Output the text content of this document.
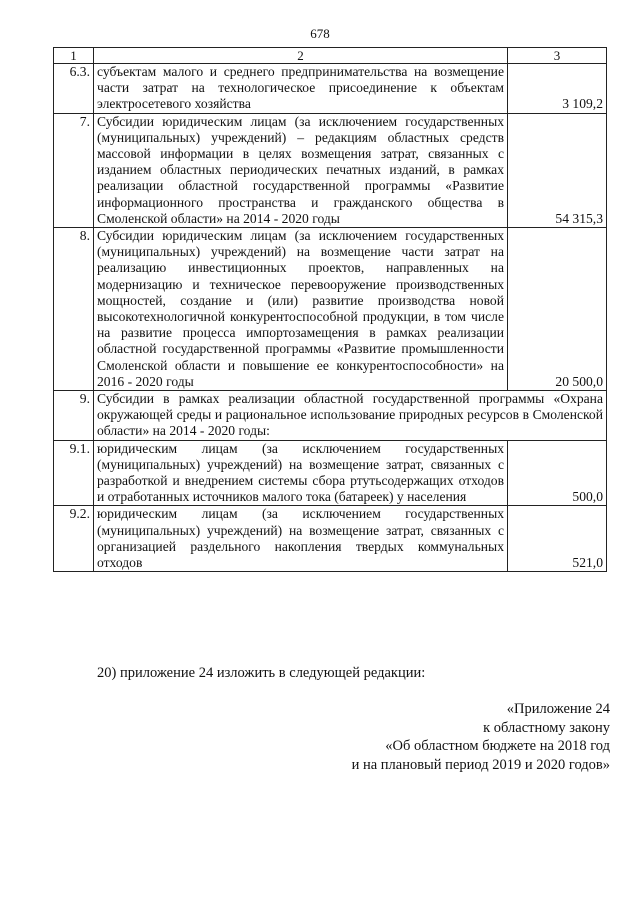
678
1	2	3
6.3.	субъектам малого и среднего предпринимательства на возмещение части затрат на технологическое присоединение к объектам электросетевого хозяйства	3 109,2
7.	Субсидии юридическим лицам (за исключением государственных (муниципальных) учреждений) – редакциям областных средств массовой информации в целях возмещения затрат, связанных с изданием областных периодических печатных изданий, в рамках реализации областной государственной программы «Развитие информационного пространства и гражданского общества в Смоленской области» на 2014 - 2020 годы	54 315,3
8.	Субсидии юридическим лицам (за исключением государственных (муниципальных) учреждений) на возмещение части затрат на реализацию инвестиционных проектов, направленных на модернизацию и техническое перевооружение производственных мощностей, создание и (или) развитие производства новой высокотехнологичной конкурентоспособной продукции, в том числе на развитие процесса импортозамещения в рамках реализации областной государственной программы «Развитие промышленности Смоленской области и повышение ее конкурентоспособности» на 2016 - 2020 годы	20 500,0
9.	Субсидии в рамках реализации областной государственной программы «Охрана окружающей среды и рациональное использование природных ресурсов в Смоленской области» на 2014 - 2020 годы:	
9.1.	юридическим лицам (за исключением государственных (муниципальных) учреждений) на возмещение затрат, связанных с разработкой и внедрением системы сбора ртутьсодержащих отходов и отработанных источников малого тока (батареек) у населения	500,0
9.2.	юридическим лицам (за исключением государственных (муниципальных) учреждений) на возмещение затрат, связанных с организацией раздельного накопления твердых коммунальных отходов	521,0
20) приложение 24 изложить в следующей редакции:
«Приложение 24
к областному закону
«Об областном бюджете на 2018 год
и на плановый период 2019 и 2020 годов»
